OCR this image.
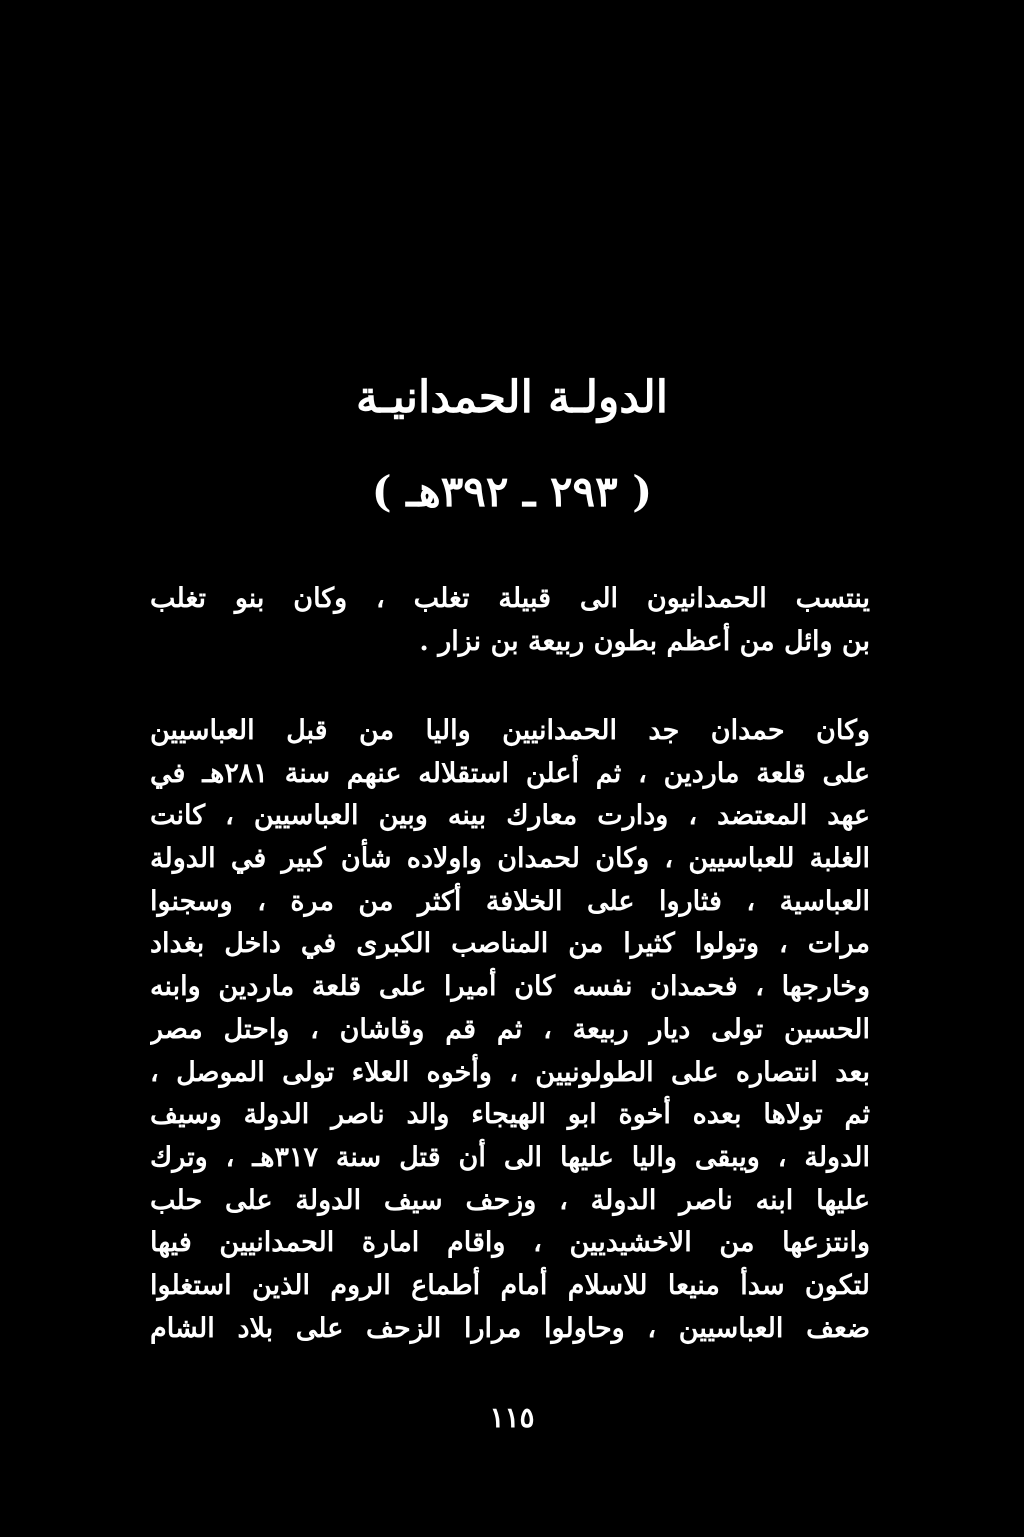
الدولـة الحمدانيـة
( ٢٩٣ ـ ٣٩٢هـ )
ينتسب الحمدانيون الى قبيلة تغلب ، وكان بنو تغلب
بن وائل من أعظم بطون ربيعة بن نزار .
وكان حمدان جد الحمدانيين واليا من قبل العباسيين
على قلعة ماردين ، ثم أعلن استقلاله عنهم سنة ٢٨١هـ في
عهد المعتضد ، ودارت معارك بينه وبين العباسيين ، كانت
الغلبة للعباسيين ، وكان لحمدان واولاده شأن كبير في الدولة
العباسية ، فثاروا على الخلافة أكثر من مرة ، وسجنوا
مرات ، وتولوا كثيرا من المناصب الكبرى في داخل بغداد
وخارجها ، فحمدان نفسه كان أميرا على قلعة ماردين وابنه
الحسين تولى ديار ربيعة ، ثم قم وقاشان ، واحتل مصر
بعد انتصاره على الطولونيين ، وأخوه العلاء تولى الموصل ،
ثم تولاها بعده أخوة ابو الهيجاء والد ناصر الدولة وسيف
الدولة ، ويبقى واليا عليها الى أن قتل سنة ٣١٧هـ ، وترك
عليها ابنه ناصر الدولة ، وزحف سيف الدولة على حلب
وانتزعها من الاخشيديين ، واقام امارة الحمدانيين فيها
لتكون سدأ منيعا للاسلام أمام أطماع الروم الذين استغلوا
ضعف العباسيين ، وحاولوا مرارا الزحف على بلاد الشام
١١٥
